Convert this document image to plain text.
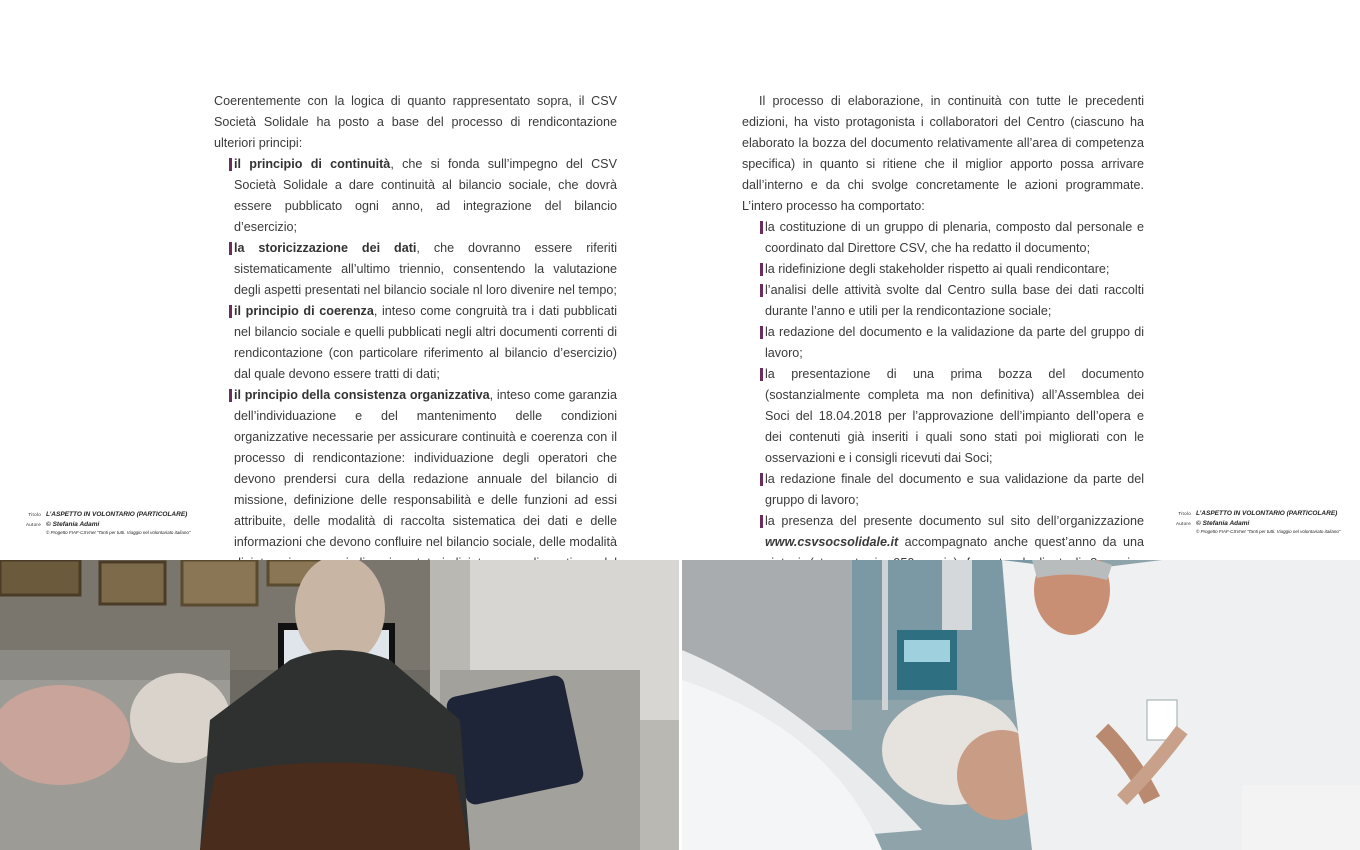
Coerentemente con la logica di quanto rappresentato sopra, il CSV Società Solidale ha posto a base del processo di rendicontazione ulteriori principi:

il principio di continuità, che si fonda sull’impegno del CSV Società Solidale a dare continuità al bilancio sociale, che dovrà essere pubblicato ogni anno, ad integrazione del bilancio d’esercizio;
la storicizzazione dei dati, che dovranno essere riferiti sistematicamente all’ultimo triennio, consentendo la valutazione degli aspetti presentati nel bilancio sociale nl loro divenire nel tempo;
il principio di coerenza, inteso come congruità tra i dati pubblicati nel bilancio sociale e quelli pubblicati negli altri documenti correnti di rendicontazione (con particolare riferimento al bilancio d’esercizio) dal quale devono essere tratti di dati;
il principio della consistenza organizzativa, inteso come garanzia dell’individuazione e del mantenimento delle condizioni organizzative necessarie per assicurare continuità e coerenza con il processo di rendicontazione: individuazione degli operatori che devono prendersi cura della redazione annuale del bilancio di missione, definizione delle responsabilità e delle funzioni ad essi attribuite, delle modalità di raccolta sistematica dei dati e delle informazioni che devono confluire nel bilancio sociale, delle modalità

Il processo di elaborazione, in continuità con tutte le precedenti edizioni, ha visto protagonista i collaboratori del Centro (ciascuno ha elaborato la bozza del documento relativamente all’area di competenza specifica) in quanto si ritiene che il miglior apporto possa arrivare dall’interno e da chi svolge concretamente le azioni programmate. L’intero processo ha comportato:

la costituzione di un gruppo di plenaria, composto dal personale e coordinato dal Direttore CSV, che ha redatto il documento;
la ridefinizione degli stakeholder rispetto ai quali rendicontare;
l’analisi delle attività svolte dal Centro sulla base dei dati raccolti durante l’anno e utili per la rendicontazione sociale;
la redazione del documento e la validazione da parte del gruppo di lavoro;
la presentazione di una prima bozza del documento (sostanzialmente completa ma non definitiva) all’Assemblea dei Soci del 18.04.2018 per l’approvazione dell’impianto dell’opera e dei contenuti già inseriti i quali sono stati poi migliorati con le osservazioni e i consigli ricevuti dai Soci;
la redazione finale del documento e sua validazione da parte del gruppo di lavoro;
la presenza del presente documento sul sito dell’organizzazione www.csvsocsolidale.it accompagnato anche quest’anno da una
Titolo L’ASPETTO IN VOLONTARIO (PARTICOLARE)
Autore © Stefania Adami
© Progetto FIAF-CSVnet “Tanti per tutti. Viaggio nel volontariato italiano”
Titolo L’ASPETTO IN VOLONTARIO (PARTICOLARE)
Autore © Stefania Adami
© Progetto FIAF-CSVnet “Tanti per tutti. Viaggio nel volontariato italiano”
